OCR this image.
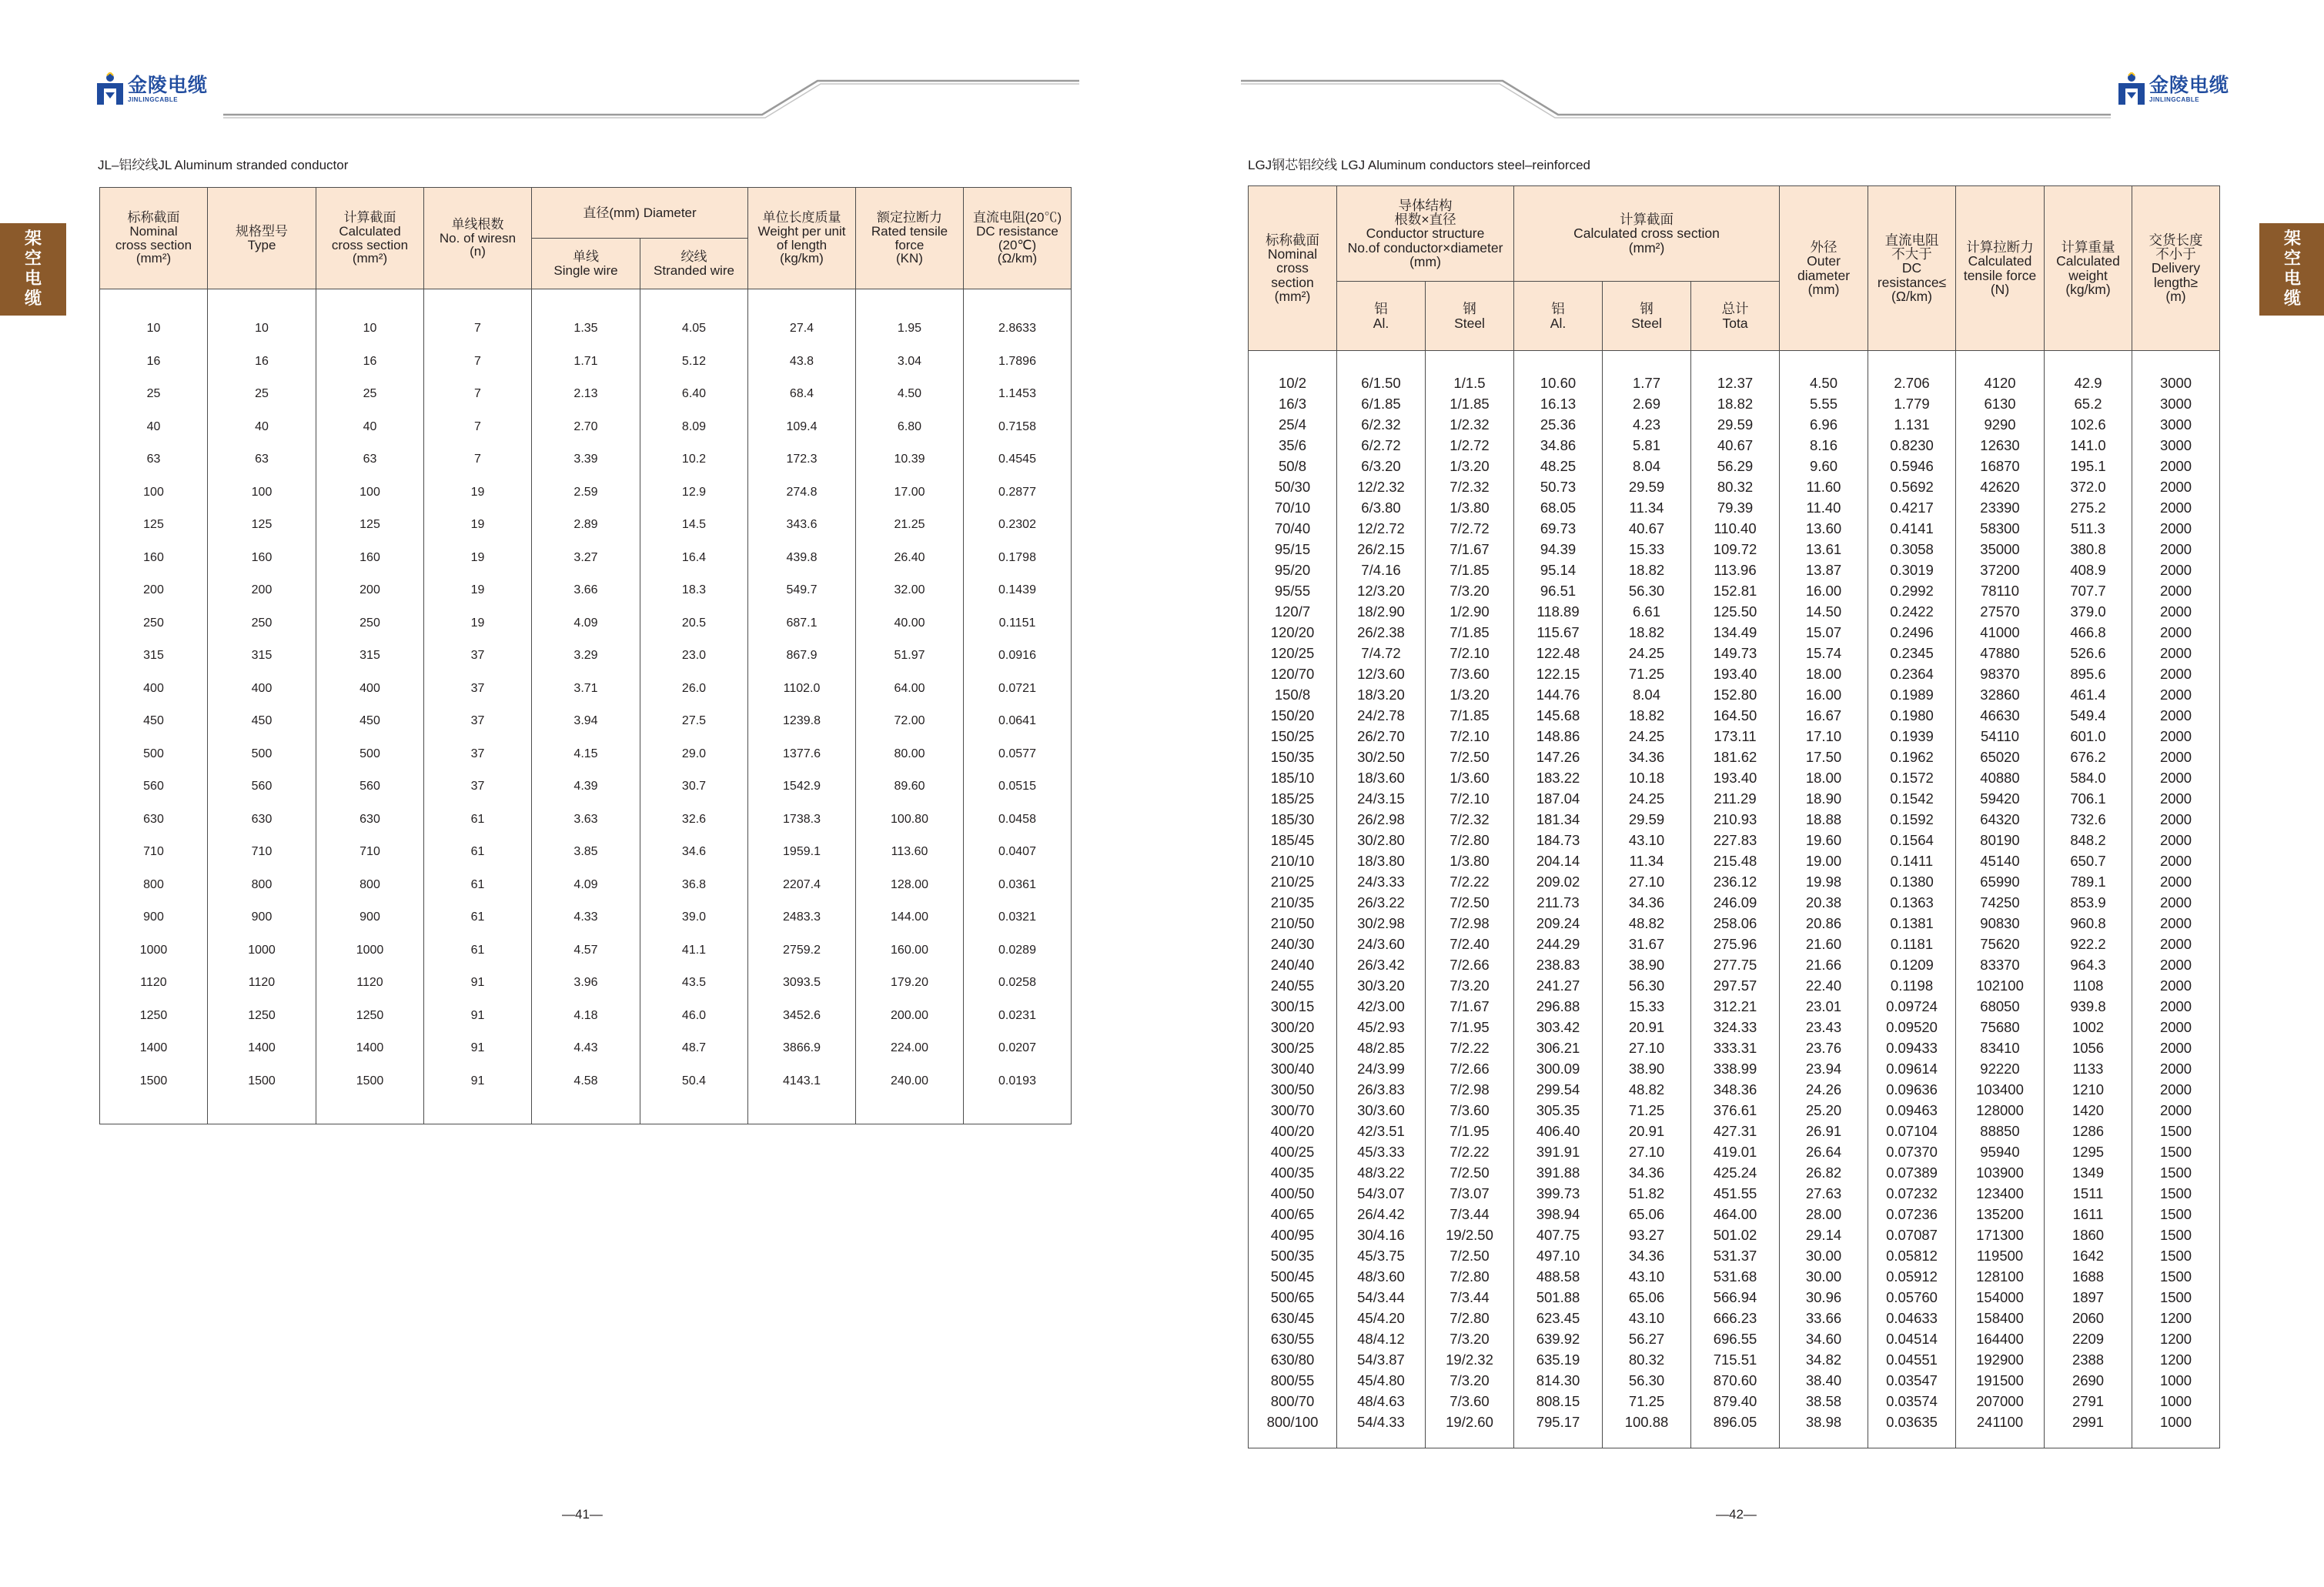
金陵电缆
JINLINGCABLE
JL–铝绞线JL Aluminum stranded conductor
金陵电缆
JINLINGCABLE
LGJ钢芯铝绞线 LGJ Aluminum conductors steel–reinforced
架空电缆
架空电缆
标称截面
Nominal
cross section
(mm²)	规格型号
Type	计算截面
Calculated
cross section
(mm²)	单线根数
No. of wiresn
(n)	直径(mm) Diameter		单位长度质量
Weight per unit
of length
(kg/km)	额定拉断力
Rated tensile
force
(KN)	直流电阻(20℃)
DC resistance
(20℃)
(Ω/km)
				单线
Single wire	绞线
Stranded wire			

10	10	10	7	1.35	4.05	27.4	1.95	2.8633
16	16	16	7	1.71	5.12	43.8	3.04	1.7896
25	25	25	7	2.13	6.40	68.4	4.50	1.1453
40	40	40	7	2.70	8.09	109.4	6.80	0.7158
63	63	63	7	3.39	10.2	172.3	10.39	0.4545
100	100	100	19	2.59	12.9	274.8	17.00	0.2877
125	125	125	19	2.89	14.5	343.6	21.25	0.2302
160	160	160	19	3.27	16.4	439.8	26.40	0.1798
200	200	200	19	3.66	18.3	549.7	32.00	0.1439
250	250	250	19	4.09	20.5	687.1	40.00	0.1151
315	315	315	37	3.29	23.0	867.9	51.97	0.0916
400	400	400	37	3.71	26.0	1102.0	64.00	0.0721
450	450	450	37	3.94	27.5	1239.8	72.00	0.0641
500	500	500	37	4.15	29.0	1377.6	80.00	0.0577
560	560	560	37	4.39	30.7	1542.9	89.60	0.0515
630	630	630	61	3.63	32.6	1738.3	100.80	0.0458
710	710	710	61	3.85	34.6	1959.1	113.60	0.0407
800	800	800	61	4.09	36.8	2207.4	128.00	0.0361
900	900	900	61	4.33	39.0	2483.3	144.00	0.0321
1000	1000	1000	61	4.57	41.1	2759.2	160.00	0.0289
1120	1120	1120	91	3.96	43.5	3093.5	179.20	0.0258
1250	1250	1250	91	4.18	46.0	3452.6	200.00	0.0231
1400	1400	1400	91	4.43	48.7	3866.9	224.00	0.0207
1500	1500	1500	91	4.58	50.4	4143.1	240.00	0.0193

标称截面
Nominal
cross
section
(mm²)	导体结构
根数×直径
Conductor structure
No.of conductor×diameter
(mm)		计算截面
Calculated cross section
(mm²)			外径
Outer
diameter
(mm)	直流电阻
不大于
DC
resistance≤
(Ω/km)	计算拉断力
Calculated
tensile force
(N)	计算重量
Calculated
weight
(kg/km)	交货长度
不小于
Delivery
length≥
(m)
	铝
Al.	钢
Steel	铝
Al.	钢
Steel	总计
Tota					

10/2	6/1.50	1/1.5	10.60	1.77	12.37	4.50	2.706	4120	42.9	3000
16/3	6/1.85	1/1.85	16.13	2.69	18.82	5.55	1.779	6130	65.2	3000
25/4	6/2.32	1/2.32	25.36	4.23	29.59	6.96	1.131	9290	102.6	3000
35/6	6/2.72	1/2.72	34.86	5.81	40.67	8.16	0.8230	12630	141.0	3000
50/8	6/3.20	1/3.20	48.25	8.04	56.29	9.60	0.5946	16870	195.1	2000
50/30	12/2.32	7/2.32	50.73	29.59	80.32	11.60	0.5692	42620	372.0	2000
70/10	6/3.80	1/3.80	68.05	11.34	79.39	11.40	0.4217	23390	275.2	2000
70/40	12/2.72	7/2.72	69.73	40.67	110.40	13.60	0.4141	58300	511.3	2000
95/15	26/2.15	7/1.67	94.39	15.33	109.72	13.61	0.3058	35000	380.8	2000
95/20	7/4.16	7/1.85	95.14	18.82	113.96	13.87	0.3019	37200	408.9	2000
95/55	12/3.20	7/3.20	96.51	56.30	152.81	16.00	0.2992	78110	707.7	2000
120/7	18/2.90	1/2.90	118.89	6.61	125.50	14.50	0.2422	27570	379.0	2000
120/20	26/2.38	7/1.85	115.67	18.82	134.49	15.07	0.2496	41000	466.8	2000
120/25	7/4.72	7/2.10	122.48	24.25	149.73	15.74	0.2345	47880	526.6	2000
120/70	12/3.60	7/3.60	122.15	71.25	193.40	18.00	0.2364	98370	895.6	2000
150/8	18/3.20	1/3.20	144.76	8.04	152.80	16.00	0.1989	32860	461.4	2000
150/20	24/2.78	7/1.85	145.68	18.82	164.50	16.67	0.1980	46630	549.4	2000
150/25	26/2.70	7/2.10	148.86	24.25	173.11	17.10	0.1939	54110	601.0	2000
150/35	30/2.50	7/2.50	147.26	34.36	181.62	17.50	0.1962	65020	676.2	2000
185/10	18/3.60	1/3.60	183.22	10.18	193.40	18.00	0.1572	40880	584.0	2000
185/25	24/3.15	7/2.10	187.04	24.25	211.29	18.90	0.1542	59420	706.1	2000
185/30	26/2.98	7/2.32	181.34	29.59	210.93	18.88	0.1592	64320	732.6	2000
185/45	30/2.80	7/2.80	184.73	43.10	227.83	19.60	0.1564	80190	848.2	2000
210/10	18/3.80	1/3.80	204.14	11.34	215.48	19.00	0.1411	45140	650.7	2000
210/25	24/3.33	7/2.22	209.02	27.10	236.12	19.98	0.1380	65990	789.1	2000
210/35	26/3.22	7/2.50	211.73	34.36	246.09	20.38	0.1363	74250	853.9	2000
210/50	30/2.98	7/2.98	209.24	48.82	258.06	20.86	0.1381	90830	960.8	2000
240/30	24/3.60	7/2.40	244.29	31.67	275.96	21.60	0.1181	75620	922.2	2000
240/40	26/3.42	7/2.66	238.83	38.90	277.75	21.66	0.1209	83370	964.3	2000
240/55	30/3.20	7/3.20	241.27	56.30	297.57	22.40	0.1198	102100	1108	2000
300/15	42/3.00	7/1.67	296.88	15.33	312.21	23.01	0.09724	68050	939.8	2000
300/20	45/2.93	7/1.95	303.42	20.91	324.33	23.43	0.09520	75680	1002	2000
300/25	48/2.85	7/2.22	306.21	27.10	333.31	23.76	0.09433	83410	1056	2000
300/40	24/3.99	7/2.66	300.09	38.90	338.99	23.94	0.09614	92220	1133	2000
300/50	26/3.83	7/2.98	299.54	48.82	348.36	24.26	0.09636	103400	1210	2000
300/70	30/3.60	7/3.60	305.35	71.25	376.61	25.20	0.09463	128000	1420	2000
400/20	42/3.51	7/1.95	406.40	20.91	427.31	26.91	0.07104	88850	1286	1500
400/25	45/3.33	7/2.22	391.91	27.10	419.01	26.64	0.07370	95940	1295	1500
400/35	48/3.22	7/2.50	391.88	34.36	425.24	26.82	0.07389	103900	1349	1500
400/50	54/3.07	7/3.07	399.73	51.82	451.55	27.63	0.07232	123400	1511	1500
400/65	26/4.42	7/3.44	398.94	65.06	464.00	28.00	0.07236	135200	1611	1500
400/95	30/4.16	19/2.50	407.75	93.27	501.02	29.14	0.07087	171300	1860	1500
500/35	45/3.75	7/2.50	497.10	34.36	531.37	30.00	0.05812	119500	1642	1500
500/45	48/3.60	7/2.80	488.58	43.10	531.68	30.00	0.05912	128100	1688	1500
500/65	54/3.44	7/3.44	501.88	65.06	566.94	30.96	0.05760	154000	1897	1500
630/45	45/4.20	7/2.80	623.45	43.10	666.23	33.66	0.04633	158400	2060	1200
630/55	48/4.12	7/3.20	639.92	56.27	696.55	34.60	0.04514	164400	2209	1200
630/80	54/3.87	19/2.32	635.19	80.32	715.51	34.82	0.04551	192900	2388	1200
800/55	45/4.80	7/3.20	814.30	56.30	870.60	38.40	0.03547	191500	2690	1000
800/70	48/4.63	7/3.60	808.15	71.25	879.40	38.58	0.03574	207000	2791	1000
800/100	54/4.33	19/2.60	795.17	100.88	896.05	38.98	0.03635	241100	2991	1000

—41—	—42—
